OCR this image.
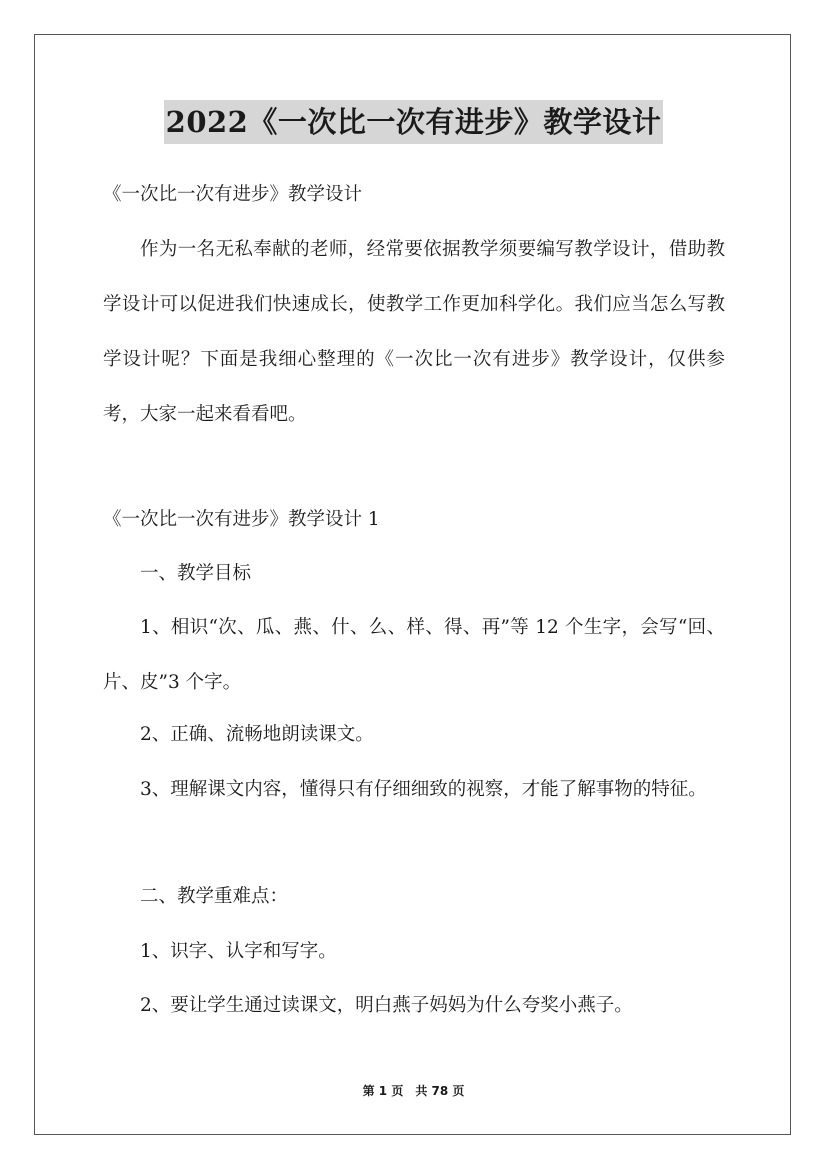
2022《一次比一次有进步》教学设计
《一次比一次有进步》教学设计
作为一名无私奉献的老师，经常要依据教学须要编写教学设计，借助教学设计可以促进我们快速成长，使教学工作更加科学化。我们应当怎么写教学设计呢？下面是我细心整理的《一次比一次有进步》教学设计，仅供参考，大家一起来看看吧。
《一次比一次有进步》教学设计 1
一、教学目标
1、相识“次、瓜、燕、什、么、样、得、再”等 12 个生字，会写“回、片、皮”3 个字。
2、正确、流畅地朗读课文。
3、理解课文内容，懂得只有仔细细致的视察，才能了解事物的特征。
二、教学重难点：
1、识字、认字和写字。
2、要让学生通过读课文，明白燕子妈妈为什么夸奖小燕子。
第 1 页　共 78 页
